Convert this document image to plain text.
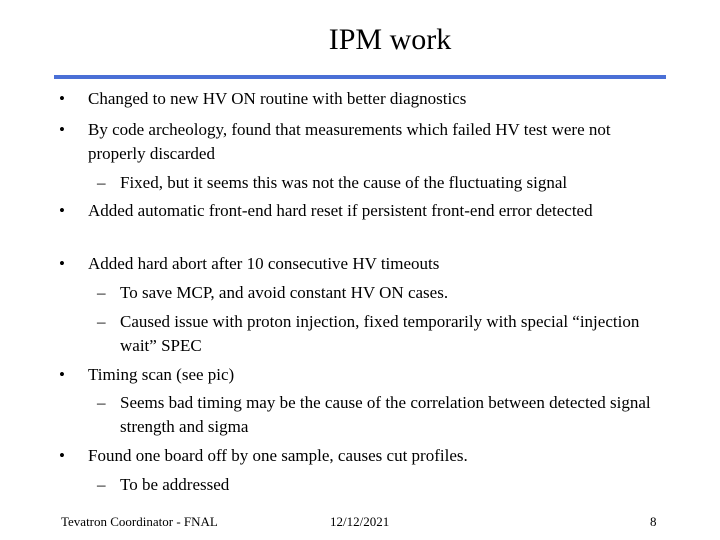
IPM work
• Changed to new HV ON routine with better diagnostics
• By code archeology, found that measurements which failed HV test were not properly discarded
– Fixed, but it seems this was not the cause of the fluctuating signal
• Added automatic front-end hard reset if persistent front-end error detected
• Added hard abort after 10 consecutive HV timeouts
– To save MCP, and avoid constant HV ON cases.
– Caused issue with proton injection, fixed temporarily with special “injection wait” SPEC
• Timing scan (see pic)
– Seems bad timing may be the cause of the correlation between detected signal strength and sigma
• Found one board off by one sample, causes cut profiles.
– To be addressed
Tevatron Coordinator - FNAL	12/12/2021	8
